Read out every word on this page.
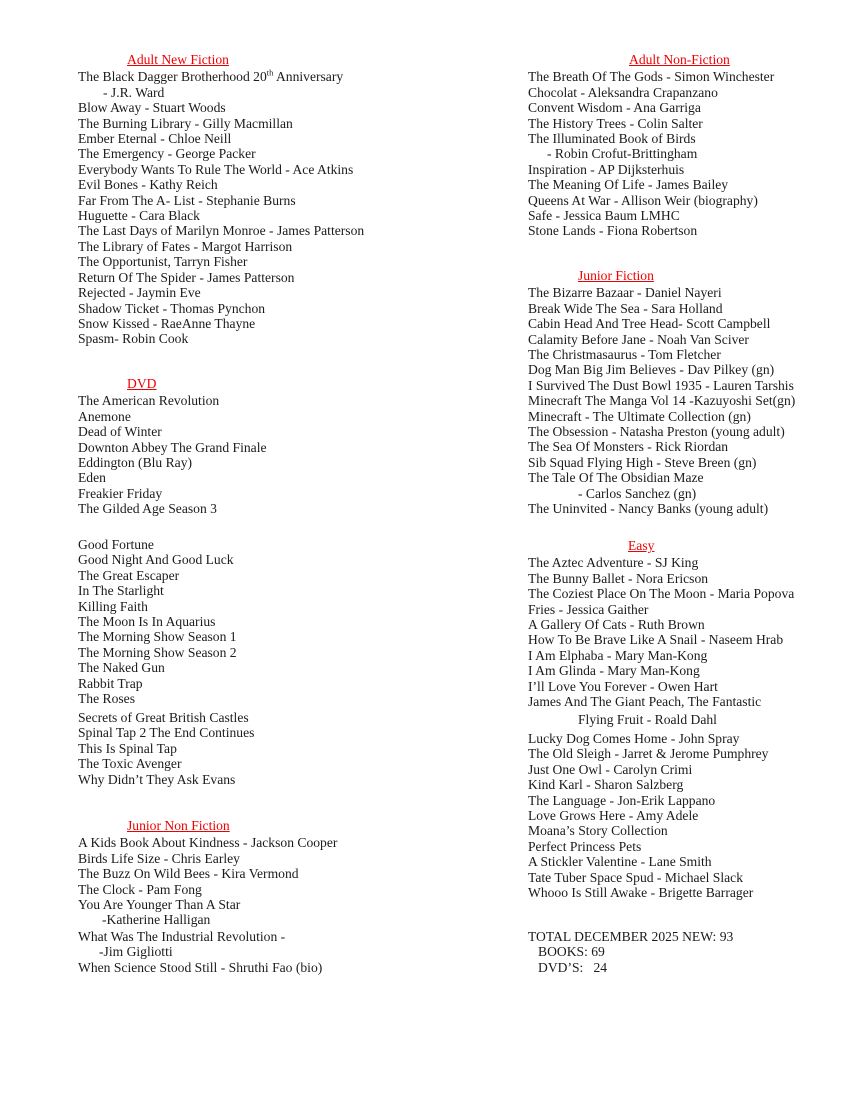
Adult New Fiction
The Black Dagger Brotherhood 20th Anniversary
- J.R. Ward
Blow Away - Stuart Woods
The Burning Library - Gilly Macmillan
Ember Eternal - Chloe Neill
The Emergency - George Packer
Everybody Wants To Rule The World - Ace Atkins
Evil Bones - Kathy Reich
Far From The A- List - Stephanie Burns
Huguette - Cara Black
The Last Days of Marilyn Monroe - James Patterson
The Library of Fates - Margot Harrison
The Opportunist, Tarryn Fisher
Return Of The Spider - James Patterson
Rejected - Jaymin Eve
Shadow Ticket - Thomas Pynchon
Snow Kissed - RaeAnne Thayne
Spasm- Robin Cook
DVD
The American Revolution
Anemone
Dead of Winter
Downton Abbey The Grand Finale
Eddington (Blu Ray)
Eden
Freakier Friday
The Gilded Age Season 3
Good Fortune
Good Night And Good Luck
The Great Escaper
In The Starlight
Killing Faith
The Moon Is In Aquarius
The Morning Show Season 1
The Morning Show Season 2
The Naked Gun
Rabbit Trap
The Roses
Secrets of Great British Castles
Spinal Tap 2 The End Continues
This Is Spinal Tap
The Toxic Avenger
Why Didn’t They Ask Evans
Junior Non Fiction
A Kids Book About Kindness - Jackson Cooper
Birds Life Size - Chris Earley
The Buzz On Wild Bees - Kira Vermond
The Clock - Pam Fong
You Are Younger Than A Star
-Katherine Halligan
What Was The Industrial Revolution -
-Jim Gigliotti
When Science Stood Still - Shruthi Fao (bio)
Adult Non-Fiction
The Breath Of The Gods - Simon Winchester
Chocolat - Aleksandra Crapanzano
Convent Wisdom - Ana Garriga
The History Trees - Colin Salter
The Illuminated Book of Birds
- Robin Crofut-Brittingham
Inspiration - AP Dijksterhuis
The Meaning Of Life - James Bailey
Queens At War - Allison Weir (biography)
Safe - Jessica Baum LMHC
Stone Lands - Fiona Robertson
Junior Fiction
The Bizarre Bazaar - Daniel Nayeri
Break Wide The Sea - Sara Holland
Cabin Head And Tree Head- Scott Campbell
Calamity Before Jane - Noah Van Sciver
The Christmasaurus - Tom Fletcher
Dog Man Big Jim Believes - Dav Pilkey (gn)
I Survived The Dust Bowl 1935 - Lauren Tarshis
Minecraft The Manga Vol 14 -Kazuyoshi Set(gn)
Minecraft - The Ultimate Collection (gn)
The Obsession - Natasha Preston (young adult)
The Sea Of Monsters - Rick Riordan
Sib Squad Flying High - Steve Breen (gn)
The Tale Of The Obsidian Maze
- Carlos Sanchez (gn)
The Uninvited - Nancy Banks (young adult)
Easy
The Aztec Adventure - SJ King
The Bunny Ballet - Nora Ericson
The Coziest Place On The Moon - Maria Popova
Fries - Jessica Gaither
A Gallery Of Cats - Ruth Brown
How To Be Brave Like A Snail - Naseem Hrab
I Am Elphaba - Mary Man-Kong
I Am Glinda - Mary Man-Kong
I’ll Love You Forever - Owen Hart
James And The Giant Peach, The Fantastic
Flying Fruit - Roald Dahl
Lucky Dog Comes Home - John Spray
The Old Sleigh - Jarret & Jerome Pumphrey
Just One Owl - Carolyn Crimi
Kind Karl - Sharon Salzberg
The Language - Jon-Erik Lappano
Love Grows Here - Amy Adele
Moana’s Story Collection
Perfect Princess Pets
A Stickler Valentine - Lane Smith
Tate Tuber Space Spud - Michael Slack
Whooo Is Still Awake - Brigette Barrager
TOTAL DECEMBER 2025 NEW: 93
BOOKS: 69
DVD’S:   24
